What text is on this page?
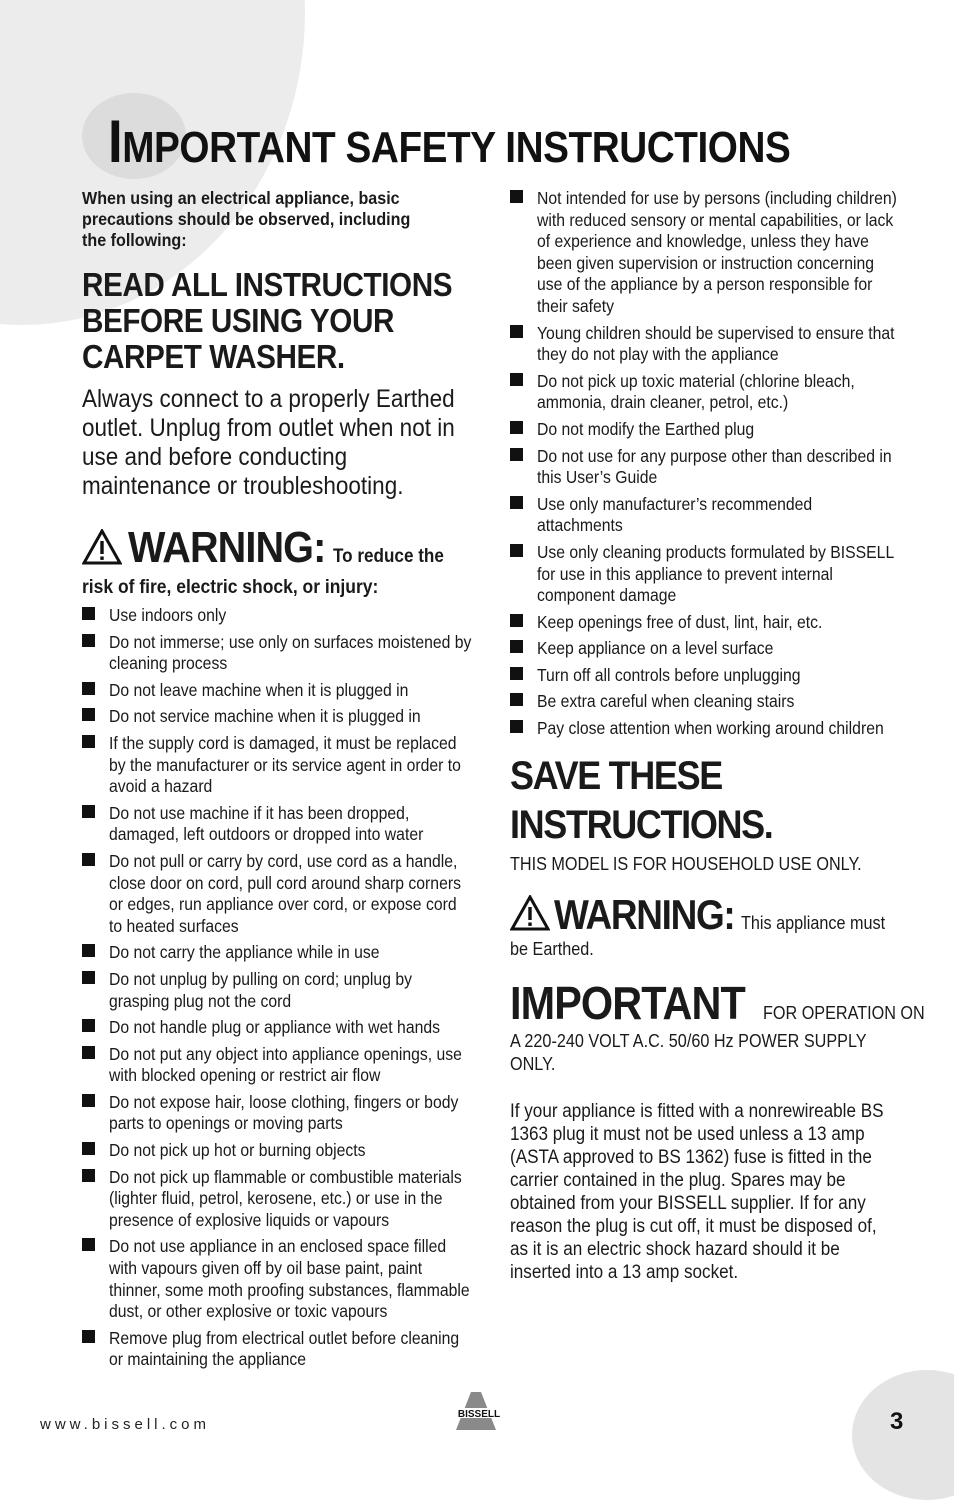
IMPORTANT SAFETY INSTRUCTIONS

When using an electrical appliance, basic precautions should be observed, including the following:

READ ALL INSTRUCTIONS BEFORE USING YOUR CARPET WASHER.

Always connect to a properly Earthed outlet. Unplug from outlet when not in use and before conducting maintenance or troubleshooting.

WARNING: To reduce the

risk of fire, electric shock, or injury:

Use indoors only
Do not immerse; use only on surfaces moistened by cleaning process
Do not leave machine when it is plugged in
Do not service machine when it is plugged in
If the supply cord is damaged, it must be replaced by the manufacturer or its service agent in order to avoid a hazard
Do not use machine if it has been dropped, damaged, left outdoors or dropped into water
Do not pull or carry by cord, use cord as a handle, close door on cord, pull cord around sharp corners or edges, run appliance over cord, or expose cord to heated surfaces
Do not carry the appliance while in use
Do not unplug by pulling on cord; unplug by grasping plug not the cord
Do not handle plug or appliance with wet hands
Do not put any object into appliance openings, use with blocked opening or restrict air flow
Do not expose hair, loose clothing, fingers or body parts to openings or moving parts
Do not pick up hot or burning objects
Do not pick up flammable or combustible materials (lighter fluid, petrol, kerosene, etc.) or use in the presence of explosive liquids or vapours
Do not use appliance in an enclosed space filled with vapours given off by oil base paint, paint thinner, some moth proofing substances, flammable dust, or other explosive or toxic vapours
Remove plug from electrical outlet before cleaning or maintaining the appliance
Not intended for use by persons (including children) with reduced sensory or mental capabilities, or lack of experience and knowledge, unless they have been given supervision or instruction concerning use of the appliance by a person responsible for their safety
Young children should be supervised to ensure that they do not play with the appliance
Do not pick up toxic material (chlorine bleach, ammonia, drain cleaner, petrol, etc.)
Do not modify the Earthed plug
Do not use for any purpose other than described in this User’s Guide
Use only manufacturer’s recommended attachments
Use only cleaning products formulated by BISSELL for use in this appliance to prevent internal component damage
Keep openings free of dust, lint, hair, etc.
Keep appliance on a level surface
Turn off all controls before unplugging
Be extra careful when cleaning stairs
Pay close attention when working around children
SAVE THESE
INSTRUCTIONS.

THIS MODEL IS FOR HOUSEHOLD USE ONLY.

WARNING: This appliance must

be Earthed.

IMPORTANT FOR OPERATION ON

A 220-240 VOLT A.C. 50/60 Hz POWER SUPPLY ONLY.

If your appliance is fitted with a nonrewireable BS 1363 plug it must not be used unless a 13 amp (ASTA approved to BS 1362) fuse is fitted in the carrier contained in the plug. Spares may be obtained from your BISSELL supplier. If for any reason the plug is cut off, it must be disposed of, as it is an electric shock hazard should it be inserted into a 13 amp socket.

www.bissell.com
BISSELL	3
